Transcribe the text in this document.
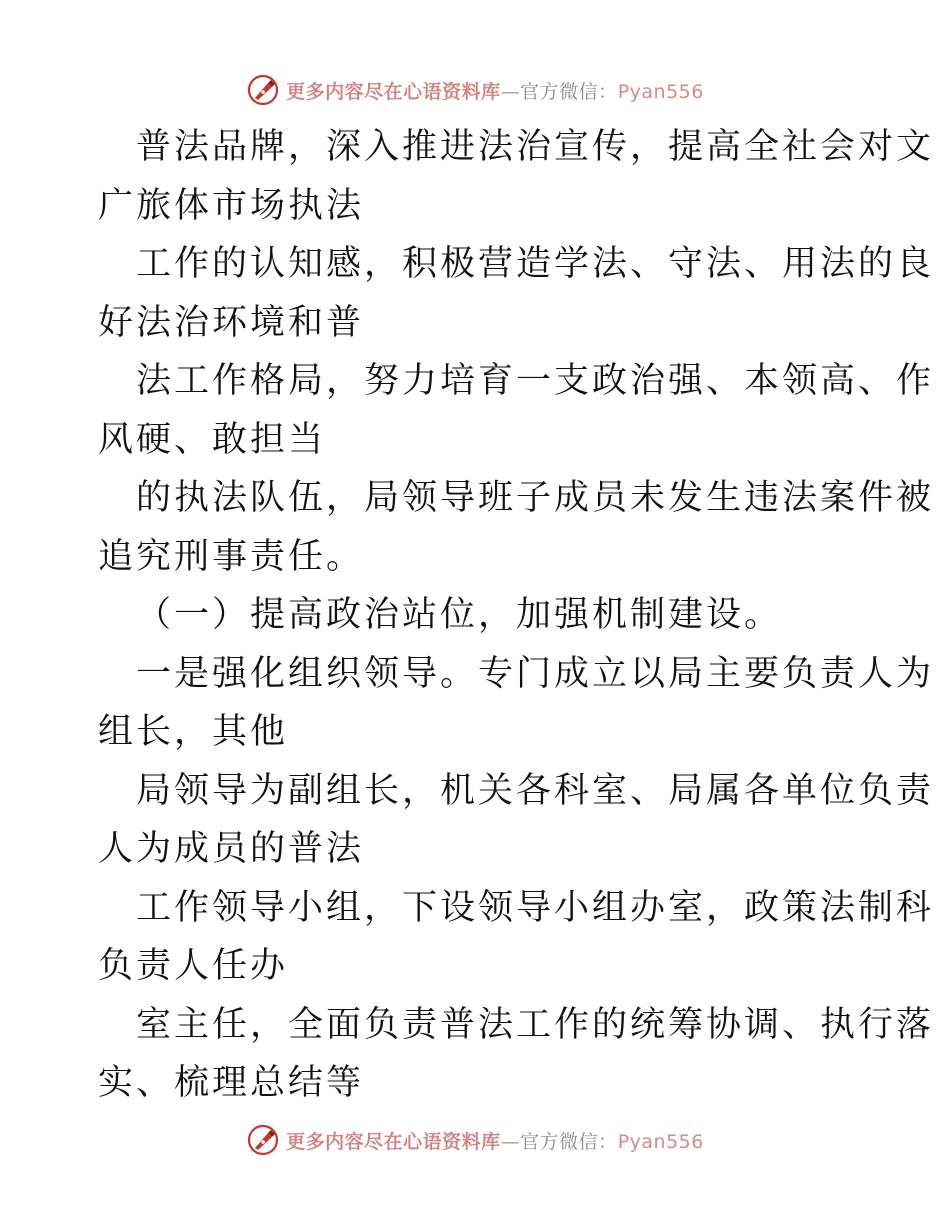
更多内容尽在心语资料库—官方微信：Pyan556
普法品牌，深入推进法治宣传，提高全社会对文
广旅体市场执法
工作的认知感，积极营造学法、守法、用法的良
好法治环境和普
法工作格局，努力培育一支政治强、本领高、作
风硬、敢担当
的执法队伍，局领导班子成员未发生违法案件被
追究刑事责任。
（一）提高政治站位，加强机制建设。
一是强化组织领导。专门成立以局主要负责人为
组长，其他
局领导为副组长，机关各科室、局属各单位负责
人为成员的普法
工作领导小组，下设领导小组办室，政策法制科
负责人任办
室主任，全面负责普法工作的统筹协调、执行落
实、梳理总结等
更多内容尽在心语资料库—官方微信：Pyan556
